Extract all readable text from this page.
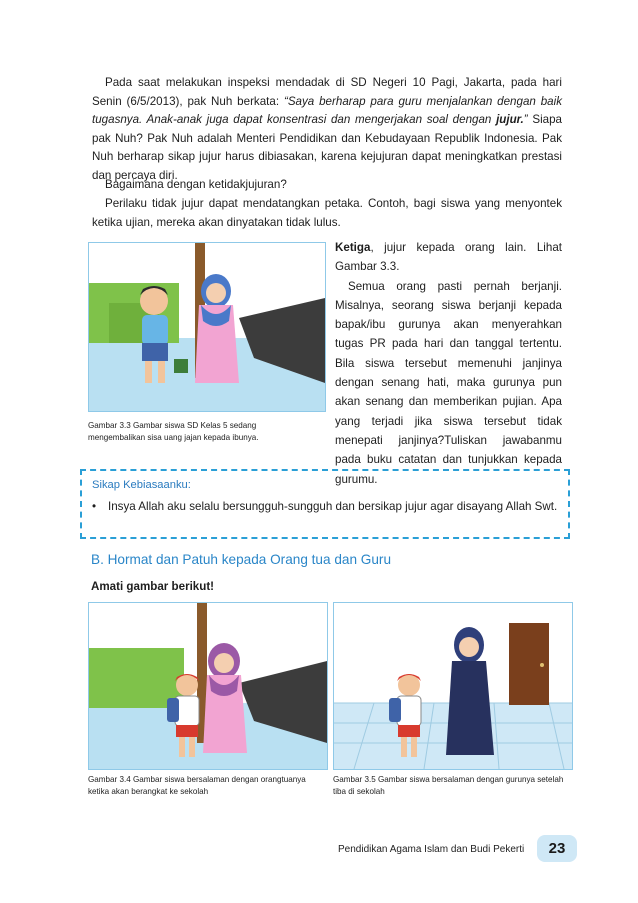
Pada saat melakukan inspeksi mendadak di SD Negeri 10 Pagi, Jakarta, pada hari Senin (6/5/2013), pak Nuh berkata: “Saya berharap para guru menjalankan dengan baik tugasnya. Anak-anak juga dapat konsentrasi dan mengerjakan soal dengan jujur.” Siapa pak Nuh? Pak Nuh adalah Menteri Pendidikan dan Kebudayaan Republik Indonesia. Pak Nuh berharap sikap jujur harus dibiasakan, karena kejujuran dapat meningkatkan prestasi dan percaya diri.

Bagaimana dengan ketidakjujuran?

Perilaku tidak jujur dapat mendatangkan petaka. Contoh, bagi siswa yang menyontek ketika ujian, mereka akan dinyatakan tidak lulus.

Gambar 3.3 Gambar siswa SD Kelas 5 sedang mengembalikan sisa uang jajan kepada ibunya.

Ketiga, jujur kepada orang lain. Lihat Gambar 3.3.
Semua orang pasti pernah berjanji. Misalnya, seorang siswa berjanji kepada bapak/ibu gurunya akan menyerahkan tugas PR pada hari dan tanggal tertentu. Bila siswa tersebut memenuhi janjinya dengan senang hati, maka gurunya pun akan senang dan memberikan pujian. Apa yang terjadi jika siswa tersebut tidak menepati janjinya?Tuliskan jawabanmu pada buku catatan dan tunjukkan kepada gurumu.

Sikap Kebiasaanku:
• Insya Allah aku selalu bersungguh-sungguh dan bersikap jujur agar disayang Allah Swt.
B. Hormat dan Patuh kepada Orang tua dan Guru
Amati gambar berikut!
Gambar 3.4 Gambar siswa bersalaman dengan orangtuanya ketika akan berangkat ke sekolah
Gambar 3.5 Gambar siswa bersalaman dengan gurunya setelah tiba di sekolah
Pendidikan Agama Islam dan Budi Pekerti	23
